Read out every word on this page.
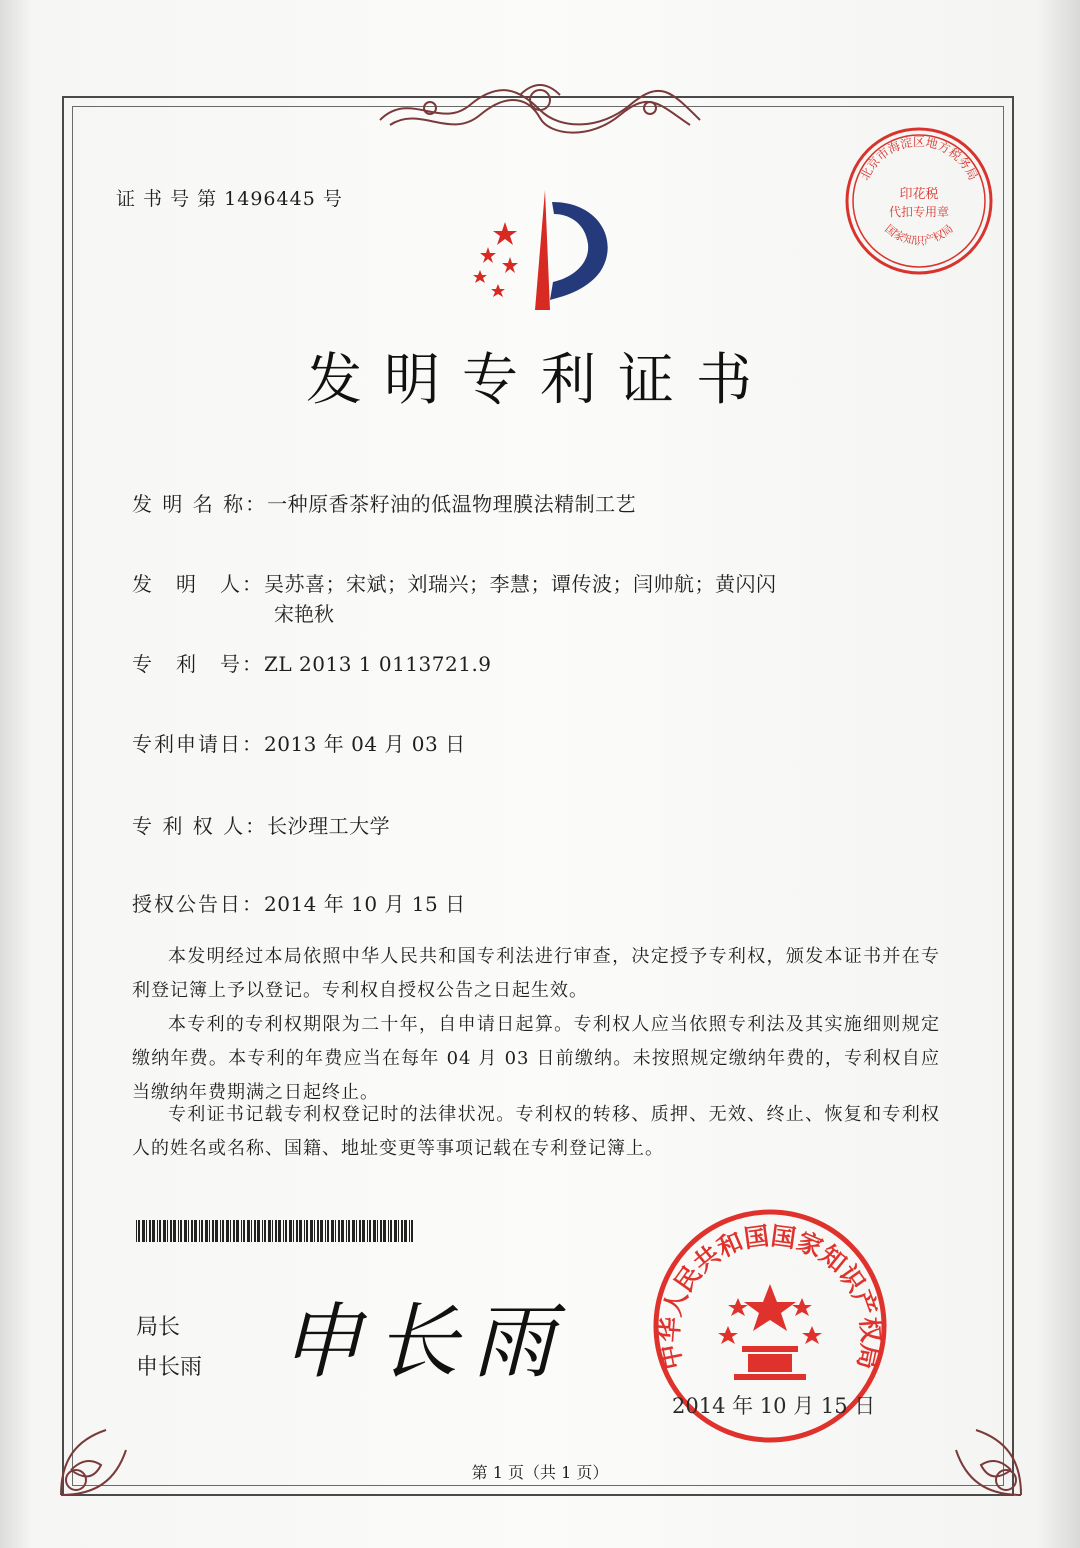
证 书 号 第 1496445 号
北京市海淀区地方税务局
印花税
代扣专用章
国家知识产权局
发明专利证书
发 明 名 称：一种原香茶籽油的低温物理膜法精制工艺
发　明　人：吴苏喜；宋斌；刘瑞兴；李慧；谭传波；闫帅航；黄闪闪
宋艳秋
专　利　号：ZL 2013 1 0113721.9
专利申请日：2013 年 04 月 03 日
专 利 权 人：长沙理工大学
授权公告日：2014 年 10 月 15 日
本发明经过本局依照中华人民共和国专利法进行审查，决定授予专利权，颁发本证书并在专利登记簿上予以登记。专利权自授权公告之日起生效。
本专利的专利权期限为二十年，自申请日起算。专利权人应当依照专利法及其实施细则规定缴纳年费。本专利的年费应当在每年 04 月 03 日前缴纳。未按照规定缴纳年费的，专利权自应当缴纳年费期满之日起终止。
专利证书记载专利权登记时的法律状况。专利权的转移、质押、无效、终止、恢复和专利权人的姓名或名称、国籍、地址变更等事项记载在专利登记簿上。
局长
申长雨 申长雨	中华人民共和国国家知识产权局
2014 年 10 月 15 日
第 1 页（共 1 页）
